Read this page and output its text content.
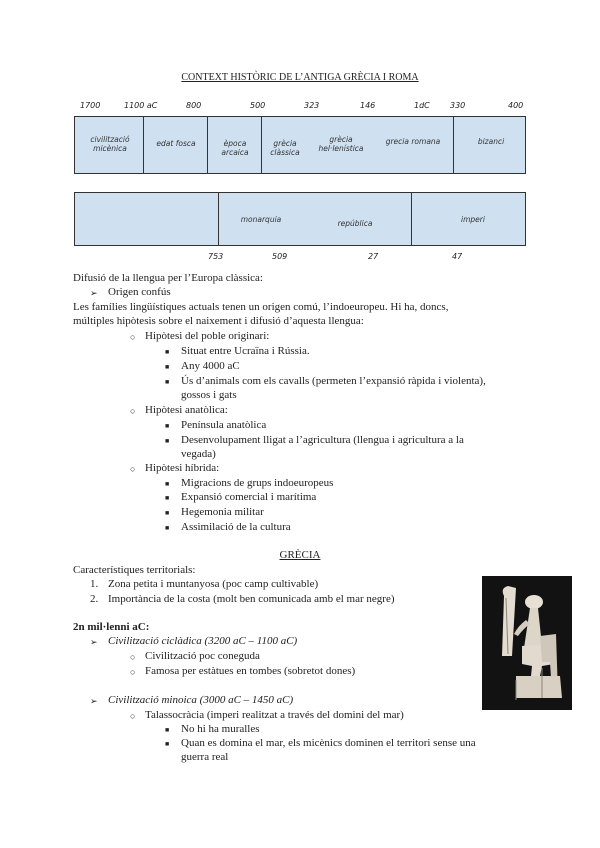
CONTEXT HISTÒRIC DE L’ANTIGA GRÈCIA I ROMA
1700	1100 aC	800	500	323	146	1dC	330	400
civilització micènica
edat fosca	època arcaica
grècia clàssica
grècia hel·lenística
grecia romana	bizanci
monarquia	república	imperi
753	509	27	47
Difusió de la llengua per l’Europa clàssica:
➢ Origen confús
Les famílies lingüístiques actuals tenen un origen comú, l’indoeuropeu. Hi ha, doncs,
múltiples hipòtesis sobre el naixement i difusió d’aquesta llengua:
○ Hipòtesi del poble originari:
■ Situat entre Ucraïna i Rússia.
■ Any 4000 aC
■ Ús d’animals com els cavalls (permeten l’expansió ràpida i violenta),
gossos i gats
○ Hipòtesi anatòlica:
■ Península anatòlica
■ Desenvolupament lligat a l’agricultura (llengua i agricultura a la
vegada)
○ Hipòtesi híbrida:
■ Migracions de grups indoeuropeus
■ Expansió comercial i marítima
■ Hegemonia militar
■ Assimilació de la cultura
GRÈCIA
Característiques territorials:
1. Zona petita i muntanyosa (poc camp cultivable)
2. Importància de la costa (molt ben comunicada amb el mar negre)
2n mil·lenni aC:
➢ Civilització ciclàdica (3200 aC – 1100 aC)
○ Civilització poc coneguda
○ Famosa per estàtues en tombes (sobretot dones)
➢ Civilització minoica (3000 aC – 1450 aC)
○ Talassocràcia (imperi realitzat a través del domini del mar)
■ No hi ha muralles
■ Quan es domina el mar, els micènics dominen el territori sense una
guerra real
